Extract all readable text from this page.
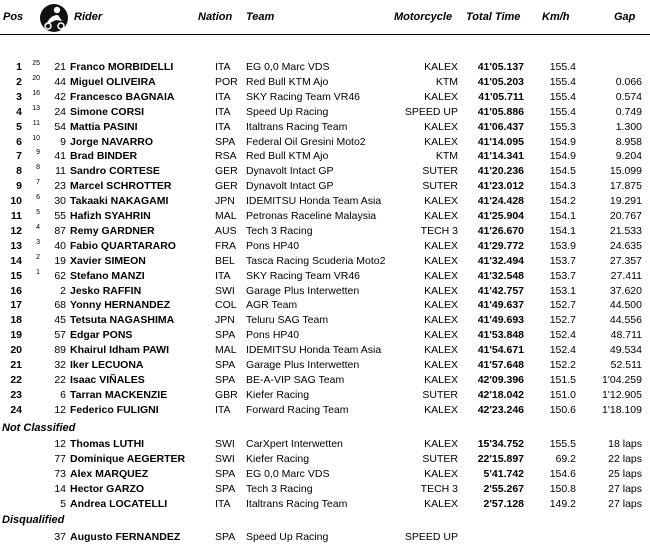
Pos	Rider	Nation Team	Motorcycle Total Time Km/h	Gap
1	25	21 Franco MORBIDELLI	ITA EG 0,0 Marc VDS	KALEX	41'05.137	155.4
2	20	44 Miguel OLIVEIRA	POR Red Bull KTM Ajo	KTM	41'05.203	155.4	0.066
3	16	42 Francesco BAGNAIA	ITA SKY Racing Team VR46	KALEX	41'05.711	155.4	0.574
4	13	24 Simone CORSI	ITA Speed Up Racing	SPEED UP	41'05.886	155.4	0.749
5	11	54 Mattia PASINI	ITA Italtrans Racing Team	KALEX	41'06.437	155.3	1.300
6	10	9 Jorge NAVARRO	SPA Federal Oil Gresini Moto2	KALEX	41'14.095	154.9	8.958
7	9	41 Brad BINDER	RSA Red Bull KTM Ajo	KTM	41'14.341	154.9	9.204
8	8	11 Sandro CORTESE	GER Dynavolt Intact GP	SUTER	41'20.236	154.5	15.099
9	7	23 Marcel SCHROTTER	GER Dynavolt Intact GP	SUTER	41'23.012	154.3	17.875
10	6	30 Takaaki NAKAGAMI	JPN IDEMITSU Honda Team Asia	KALEX	41'24.428	154.2	19.291
11	5	55 Hafizh SYAHRIN	MAL Petronas Raceline Malaysia	KALEX	41'25.904	154.1	20.767
12	4	87 Remy GARDNER	AUS Tech 3 Racing	TECH 3	41'26.670	154.1	21.533
13	3	40 Fabio QUARTARARO	FRA Pons HP40	KALEX	41'29.772	153.9	24.635
14	2	19 Xavier SIMEON	BEL Tasca Racing Scuderia Moto2	KALEX	41'32.494	153.7	27.357
15	1	62 Stefano MANZI	ITA SKY Racing Team VR46	KALEX	41'32.548	153.7	27.411
16	2 Jesko RAFFIN	SWI Garage Plus Interwetten	KALEX	41'42.757	153.1	37.620
17	68 Yonny HERNANDEZ	COL AGR Team	KALEX	41'49.637	152.7	44.500
18	45 Tetsuta NAGASHIMA	JPN Teluru SAG Team	KALEX	41'49.693	152.7	44.556
19	57 Edgar PONS	SPA Pons HP40	KALEX	41'53.848	152.4	48.711
20	89 Khairul Idham PAWI	MAL IDEMITSU Honda Team Asia	KALEX	41'54.671	152.4	49.534
21	32 Iker LECUONA	SPA Garage Plus Interwetten	KALEX	41'57.648	152.2	52.511
22	22 Isaac VIÑALES	SPA BE-A-VIP SAG Team	KALEX	42'09.396	151.5	1'04.259
23	6 Tarran MACKENZIE	GBR Kiefer Racing	SUTER	42'18.042	151.0	1'12.905
24	12 Federico FULIGNI	ITA Forward Racing Team	KALEX	42'23.246	150.6	1'18.109
Not Classified
12 Thomas LUTHI	SWI CarXpert Interwetten	KALEX	15'34.752	155.5	18 laps
77 Dominique AEGERTER	SWI Kiefer Racing	SUTER	22'15.897	69.2	22 laps
73 Alex MARQUEZ	SPA EG 0,0 Marc VDS	KALEX	5'41.742	154.6	25 laps
14 Hector GARZO	SPA Tech 3 Racing	TECH 3	2'55.267	150.8	27 laps
5 Andrea LOCATELLI	ITA Italtrans Racing Team	KALEX	2'57.128	149.2	27 laps
Disqualified
37 Augusto FERNANDEZ	SPA Speed Up Racing	SPEED UP
